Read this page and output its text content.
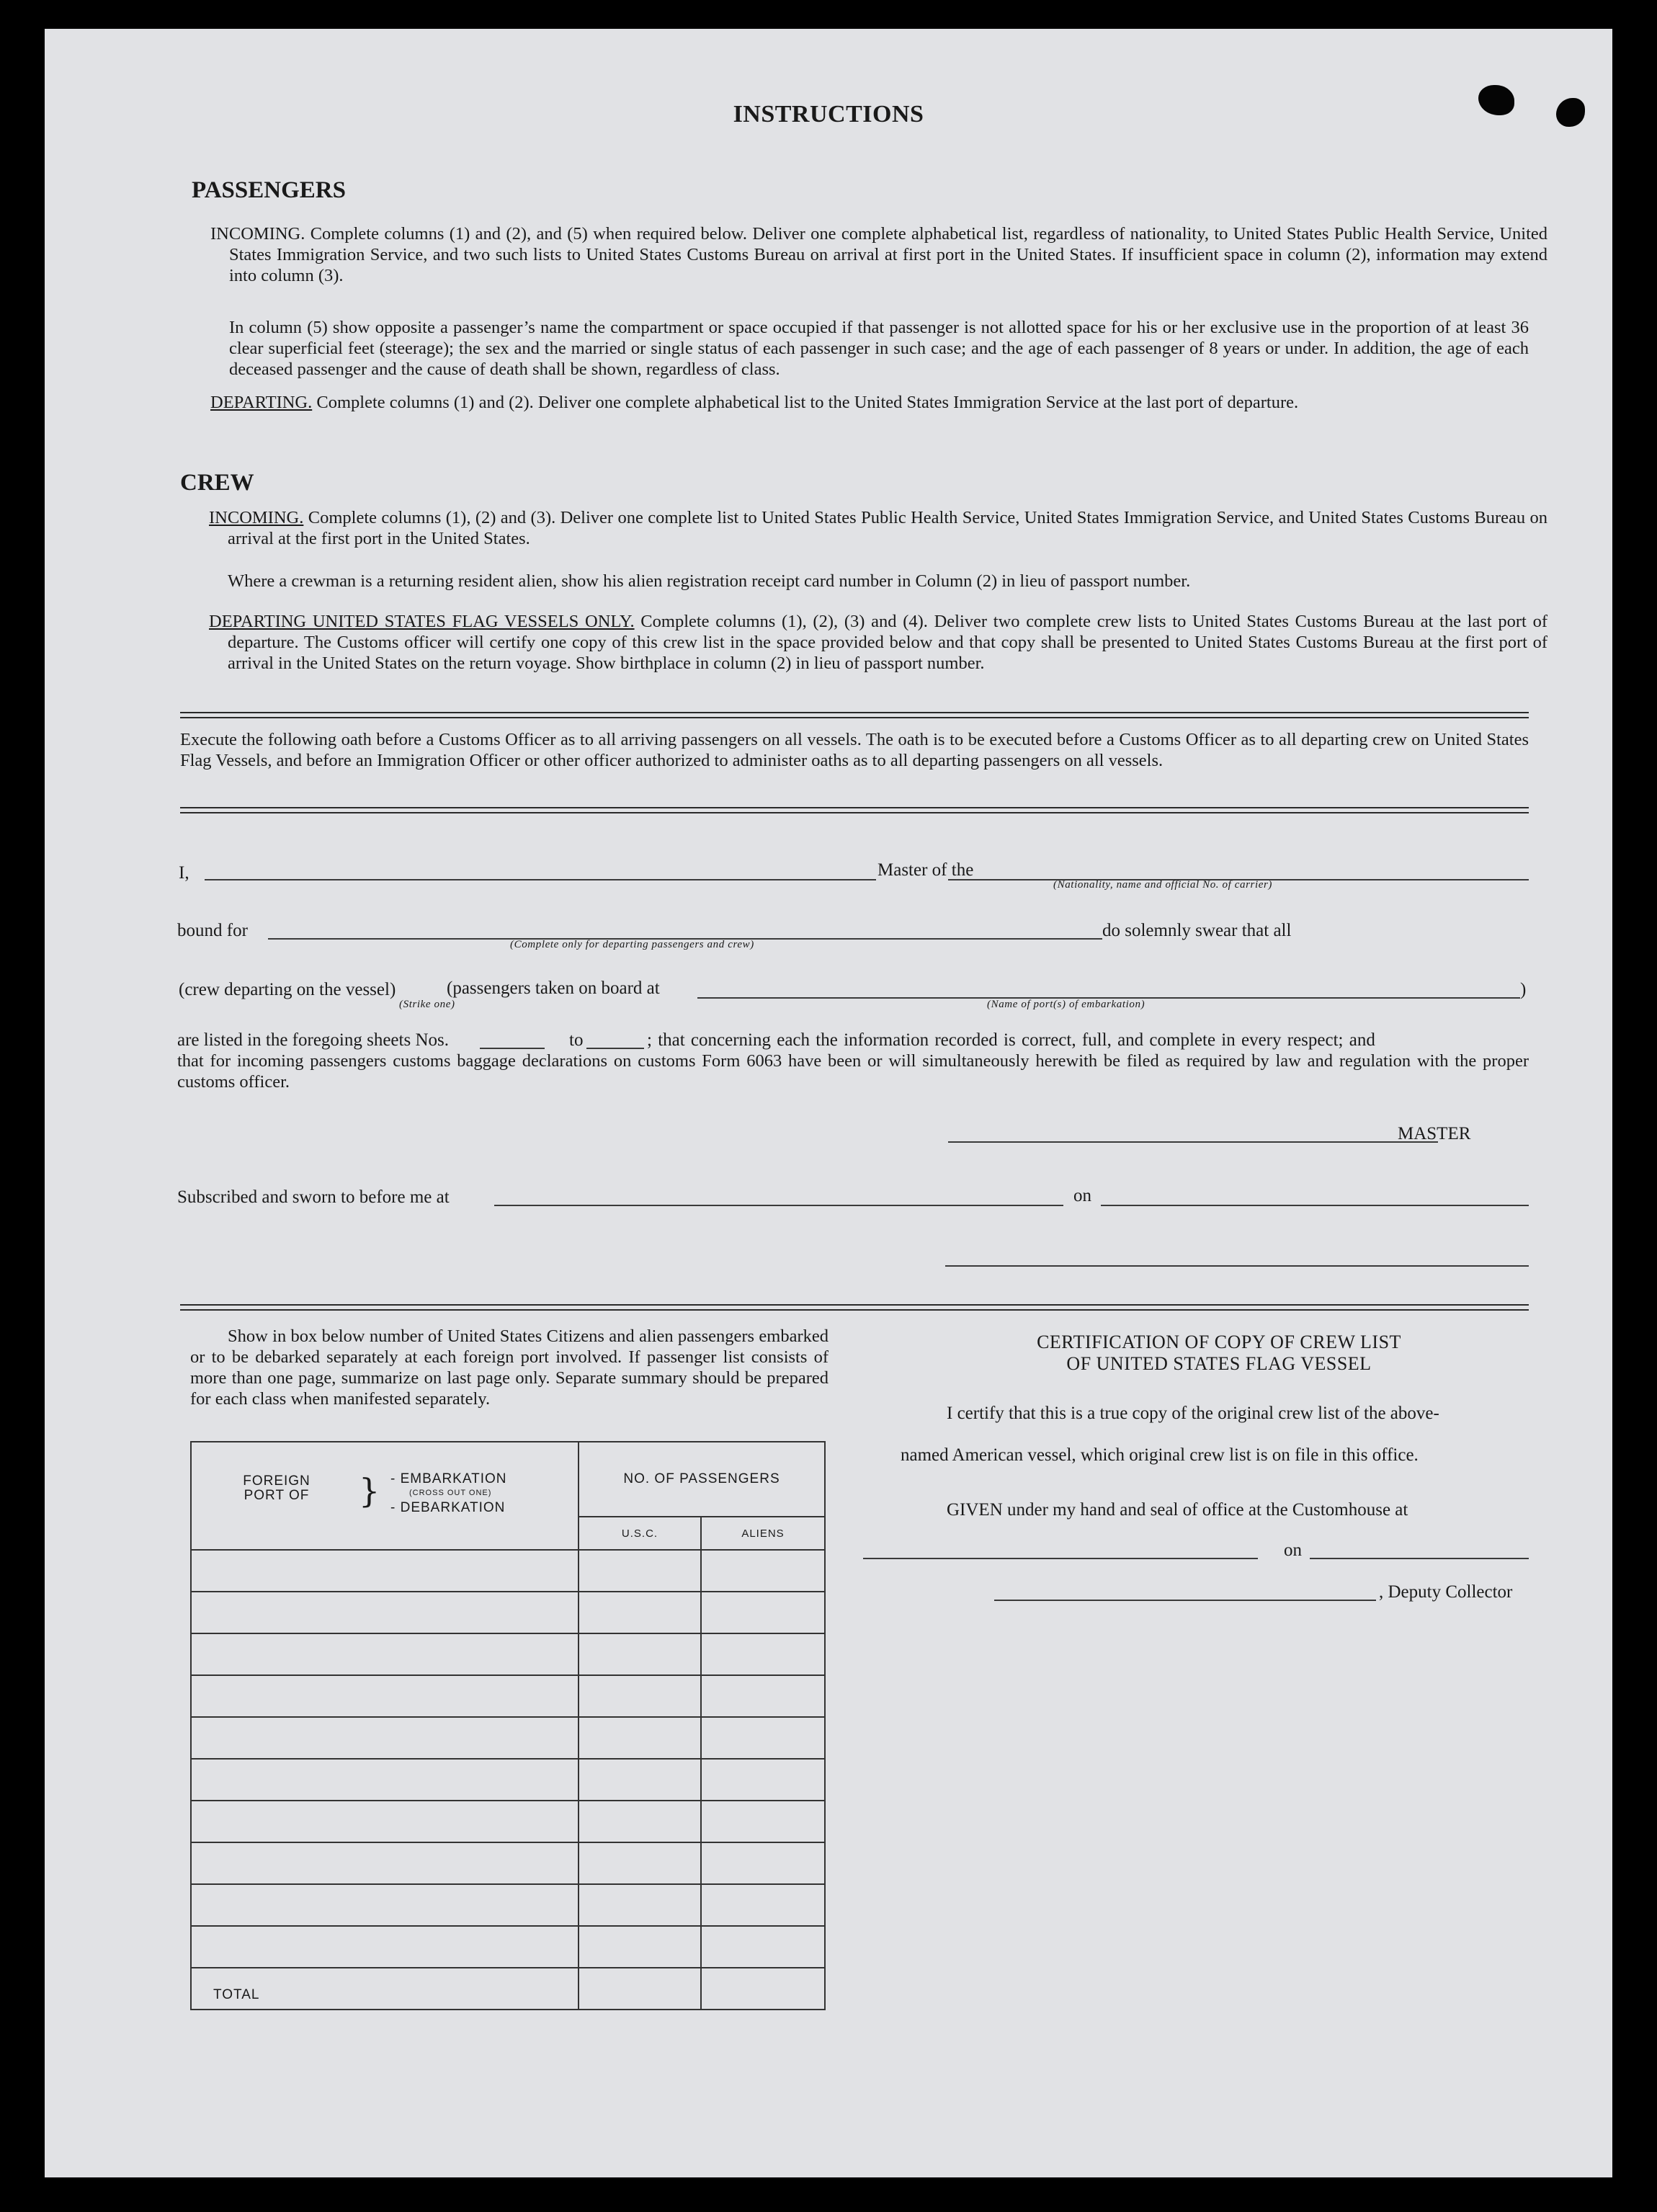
INSTRUCTIONS
PASSENGERS
INCOMING. Complete columns (1) and (2), and (5) when required below. Deliver one complete alphabetical list, regardless of nationality, to United States Public Health Service, United States Immigration Service, and two such lists to United States Customs Bureau on arrival at first port in the United States. If insufficient space in column (2), information may extend into column (3).
In column (5) show opposite a passenger’s name the compartment or space occupied if that passenger is not allotted space for his or her exclusive use in the proportion of at least 36 clear superficial feet (steerage); the sex and the married or single status of each passenger in such case; and the age of each passenger of 8 years or under. In addition, the age of each deceased passenger and the cause of death shall be shown, regardless of class.
DEPARTING. Complete columns (1) and (2). Deliver one complete alphabetical list to the United States Immigration Service at the last port of departure.
CREW
INCOMING. Complete columns (1), (2) and (3). Deliver one complete list to United States Public Health Service, United States Immigration Service, and United States Customs Bureau on arrival at the first port in the United States.
Where a crewman is a returning resident alien, show his alien registration receipt card number in Column (2) in lieu of passport number.
DEPARTING UNITED STATES FLAG VESSELS ONLY. Complete columns (1), (2), (3) and (4). Deliver two complete crew lists to United States Customs Bureau at the last port of departure. The Customs officer will certify one copy of this crew list in the space provided below and that copy shall be presented to United States Customs Bureau at the first port of arrival in the United States on the return voyage. Show birthplace in column (2) in lieu of passport number.
Execute the following oath before a Customs Officer as to all arriving passengers on all vessels. The oath is to be executed before a Customs Officer as to all departing crew on United States Flag Vessels, and before an Immigration Officer or other officer authorized to administer oaths as to all departing passengers on all vessels.
I,	Master of the
(Nationality, name and official No. of carrier)
bound for
(Complete only for departing passengers and crew)
do solemnly swear that all
(crew departing on the vessel)	(passengers taken on board at	)
(Strike one)	(Name of port(s) of embarkation)
are listed in the foregoing sheets Nos.	to	; that concerning each the information recorded is correct, full, and complete in every respect; and
that for incoming passengers customs baggage declarations on customs Form 6063 have been or will simultaneously herewith be filed as required by law and regulation with the proper customs officer.
MASTER
Subscribed and sworn to before me at	on
Show in box below number of United States Citizens and alien passengers embarked or to be debarked separately at each foreign port involved. If passenger list consists of more than one page, summarize on last page only. Separate summary should be prepared for each class when manifested separately.
FOREIGN PORT OF } - EMBARKATION
(CROSS OUT ONE)
- DEBARKATION	NO. OF PASSENGERS	
	U.S.C.	ALIENS

TOTAL		
CERTIFICATION OF COPY OF CREW LIST
OF UNITED STATES FLAG VESSEL
I certify that this is a true copy of the original crew list of the above-
named American vessel, which original crew list is on file in this office.
GIVEN under my hand and seal of office at the Customhouse at
on
, Deputy Collector
